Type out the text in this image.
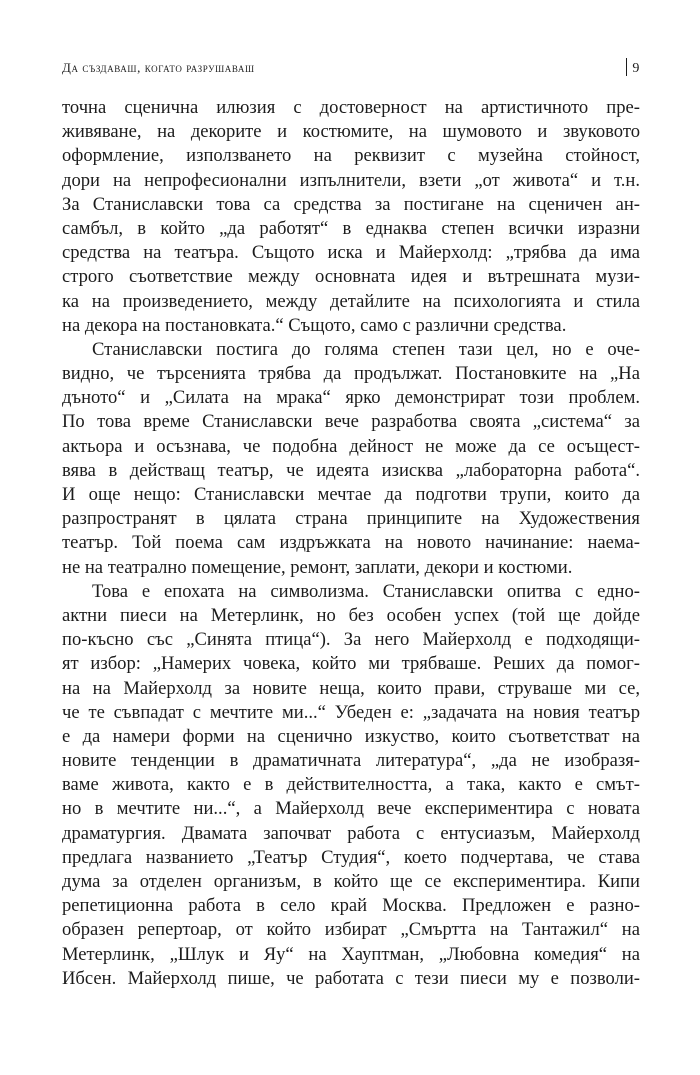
Да създаваш, когато разрушаваш	9
точна сценична илюзия с достоверност на артистичното пре-
живяване, на декорите и костюмите, на шумовото и звуковото
оформление, използването на реквизит с музейна стойност,
дори на непрофесионални изпълнители, взети „от живота“ и т.н.
За Станиславски това са средства за постигане на сценичен ан-
самбъл, в който „да работят“ в еднаква степен всички изразни
средства на театъра. Същото иска и Майерхолд: „трябва да има
строго съответствие между основната идея и вътрешната музи-
ка на произведението, между детайлите на психологията и стила
на декора на постановката.“ Същото, само с различни средства.
Станиславски постига до голяма степен тази цел, но е оче-
видно, че търсенията трябва да продължат. Постановките на „На
дъното“ и „Силата на мрака“ ярко демонстрират този проблем.
По това време Станиславски вече разработва своята „система“ за
актьора и осъзнава, че подобна дейност не може да се осъщест-
вява в действащ театър, че идеята изисква „лабораторна работа“.
И още нещо: Станиславски мечтае да подготви трупи, които да
разпространят в цялата страна принципите на Художествения
театър. Той поема сам издръжката на новото начинание: наема-
не на театрално помещение, ремонт, заплати, декори и костюми.
Това е епохата на символизма. Станиславски опитва с едно-
актни пиеси на Метерлинк, но без особен успех (той ще дойде
по-късно със „Синята птица“). За него Майерхолд е подходящи-
ят избор: „Намерих човека, който ми трябваше. Реших да помог-
на на Майерхолд за новите неща, които прави, струваше ми се,
че те съвпадат с мечтите ми...“ Убеден е: „задачата на новия театър
е да намери форми на сценично изкуство, които съответстват на
новите тенденции в драматичната литература“, „да не изобразя-
ваме живота, както е в действителността, а така, както е смът-
но в мечтите ни...“, а Майерхолд вече експериментира с новата
драматургия. Двамата започват работа с ентусиазъм, Майерхолд
предлага названието „Театър Студия“, което подчертава, че става
дума за отделен организъм, в който ще се експериментира. Кипи
репетиционна работа в село край Москва. Предложен е разно-
образен репертоар, от който избират „Смъртта на Тантажил“ на
Метерлинк, „Шлук и Яу“ на Хауптман, „Любовна комедия“ на
Ибсен. Майерхолд пише, че работата с тези пиеси му е позволи-
